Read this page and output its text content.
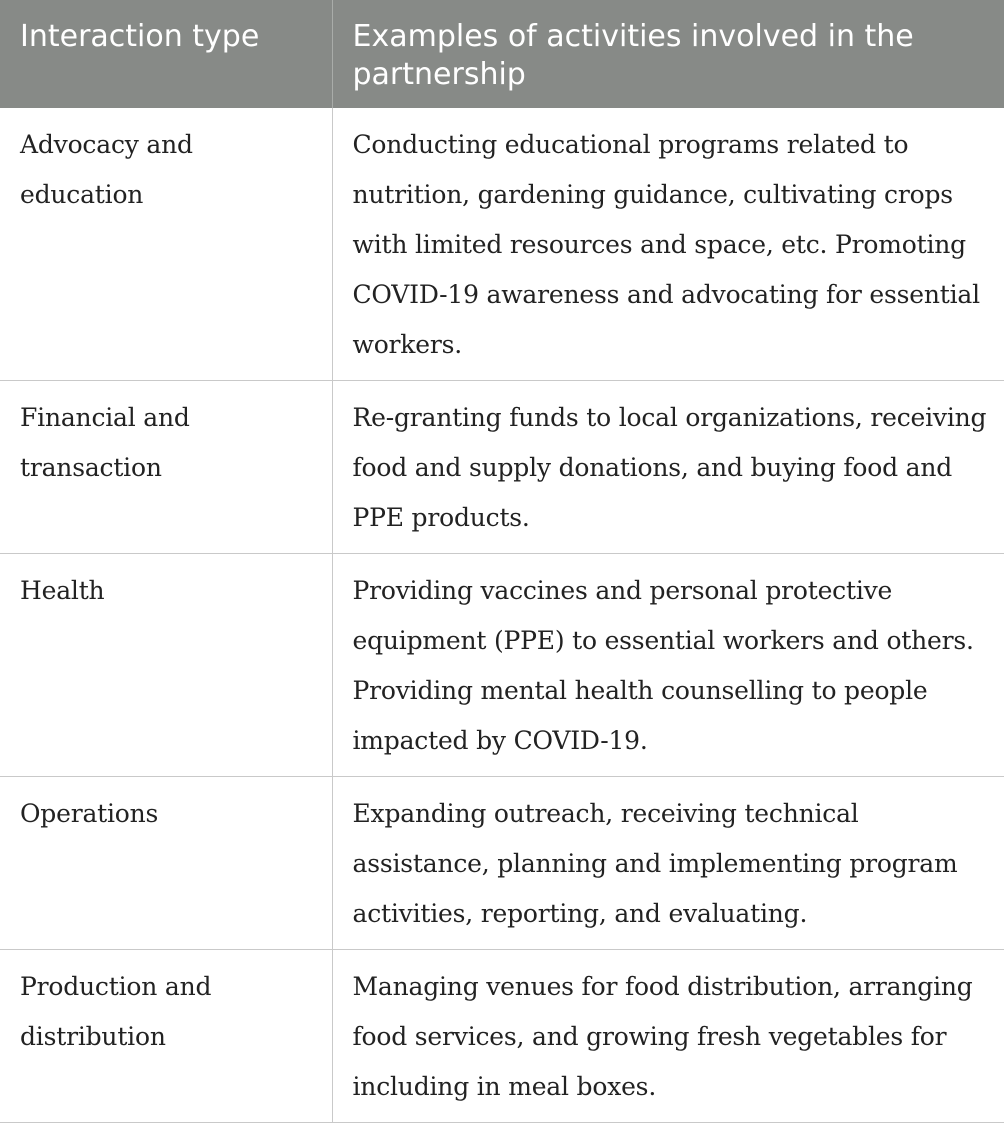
Interaction type	Examples of activities involved in the partnership
Advocacy and education	Conducting educational programs related to nutrition, gardening guidance, cultivating crops with limited resources and space, etc. Promoting COVID-19 awareness and advocating for essential workers.
Financial and transaction	Re-granting funds to local organizations, receiving food and supply donations, and buying food and PPE products.
Health	Providing vaccines and personal protective equipment (PPE) to essential workers and others. Providing mental health counselling to people impacted by COVID-19.
Operations	Expanding outreach, receiving technical assistance, planning and implementing program activities, reporting, and evaluating.
Production and distribution	Managing venues for food distribution, arranging food services, and growing fresh vegetables for including in meal boxes.
